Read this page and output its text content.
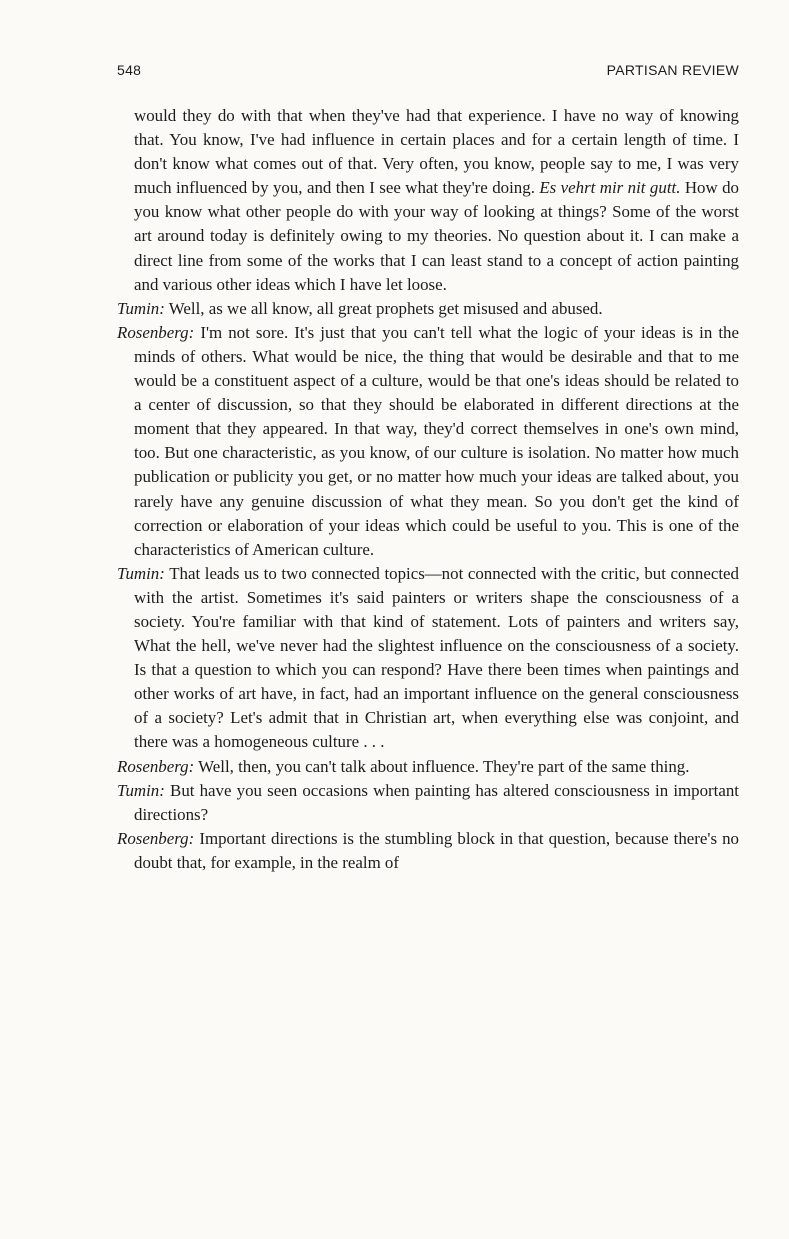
548	PARTISAN REVIEW

would they do with that when they've had that experience. I have no way of knowing that. You know, I've had influence in certain places and for a certain length of time. I don't know what comes out of that. Very often, you know, people say to me, I was very much influenced by you, and then I see what they're doing. Es vehrt mir nit gutt. How do you know what other people do with your way of looking at things? Some of the worst art around today is definitely owing to my theories. No question about it. I can make a direct line from some of the works that I can least stand to a concept of action painting and various other ideas which I have let loose.

Tumin: Well, as we all know, all great prophets get misused and abused.

Rosenberg: I'm not sore. It's just that you can't tell what the logic of your ideas is in the minds of others. What would be nice, the thing that would be desirable and that to me would be a constituent aspect of a culture, would be that one's ideas should be related to a center of discussion, so that they should be elaborated in different directions at the moment that they appeared. In that way, they'd correct themselves in one's own mind, too. But one characteristic, as you know, of our culture is isolation. No matter how much publication or publicity you get, or no matter how much your ideas are talked about, you rarely have any genuine discussion of what they mean. So you don't get the kind of correction or elaboration of your ideas which could be useful to you. This is one of the characteristics of American culture.

Tumin: That leads us to two connected topics—not connected with the critic, but connected with the artist. Sometimes it's said painters or writers shape the consciousness of a society. You're familiar with that kind of statement. Lots of painters and writers say, What the hell, we've never had the slightest influence on the consciousness of a society. Is that a question to which you can respond? Have there been times when paintings and other works of art have, in fact, had an important influence on the general consciousness of a society? Let's admit that in Christian art, when everything else was conjoint, and there was a homogeneous culture . . .

Rosenberg: Well, then, you can't talk about influence. They're part of the same thing.

Tumin: But have you seen occasions when painting has altered consciousness in important directions?

Rosenberg: Important directions is the stumbling block in that question, because there's no doubt that, for example, in the realm of
